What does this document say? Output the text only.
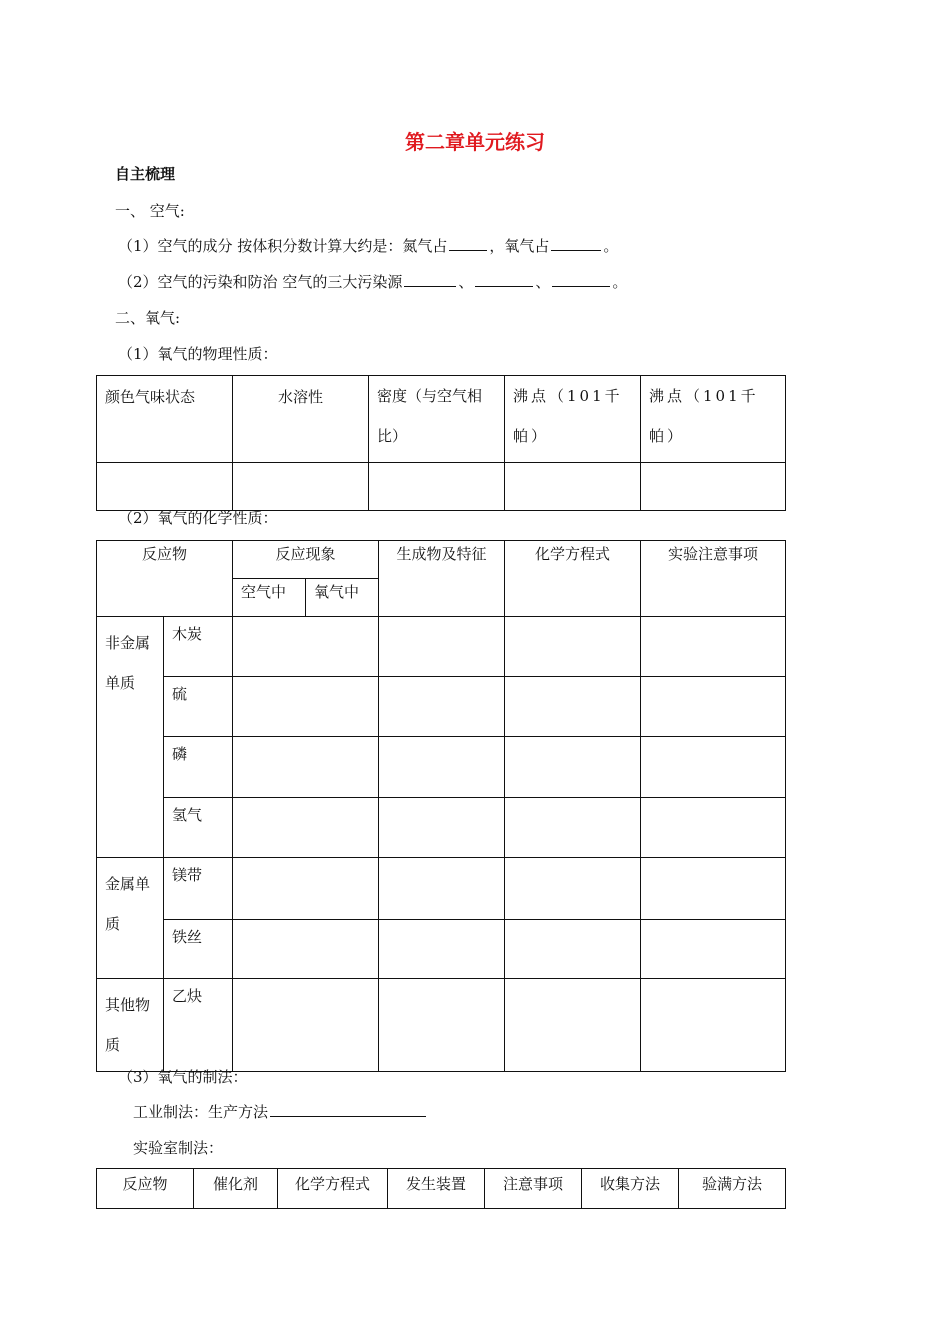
第二章单元练习
自主梳理
一、 空气:
（1）空气的成分 按体积分数计算大约是：氮气占	，氧气占	。
（2）空气的污染和防治 空气的三大污染源	、	、	。
二、氧气:
（1）氧气的物理性质：
颜色气味状态	水溶性	密度（与空气相比）	沸点（101千帕）	沸点（101千帕）

（2）氧气的化学性质：
反应物		反应现象		生成物及特征	化学方程式	实验注意事项
		空气中	氧气中			
非金属单质	木炭					
	硫					
	磷					
	氢气					
金属单质	镁带					
	铁丝					
其他物质	乙炔					
（3）氧气的制法：
工业制法：生产方法
实验室制法：
反应物	催化剂	化学方程式	发生装置	注意事项	收集方法	验满方法
